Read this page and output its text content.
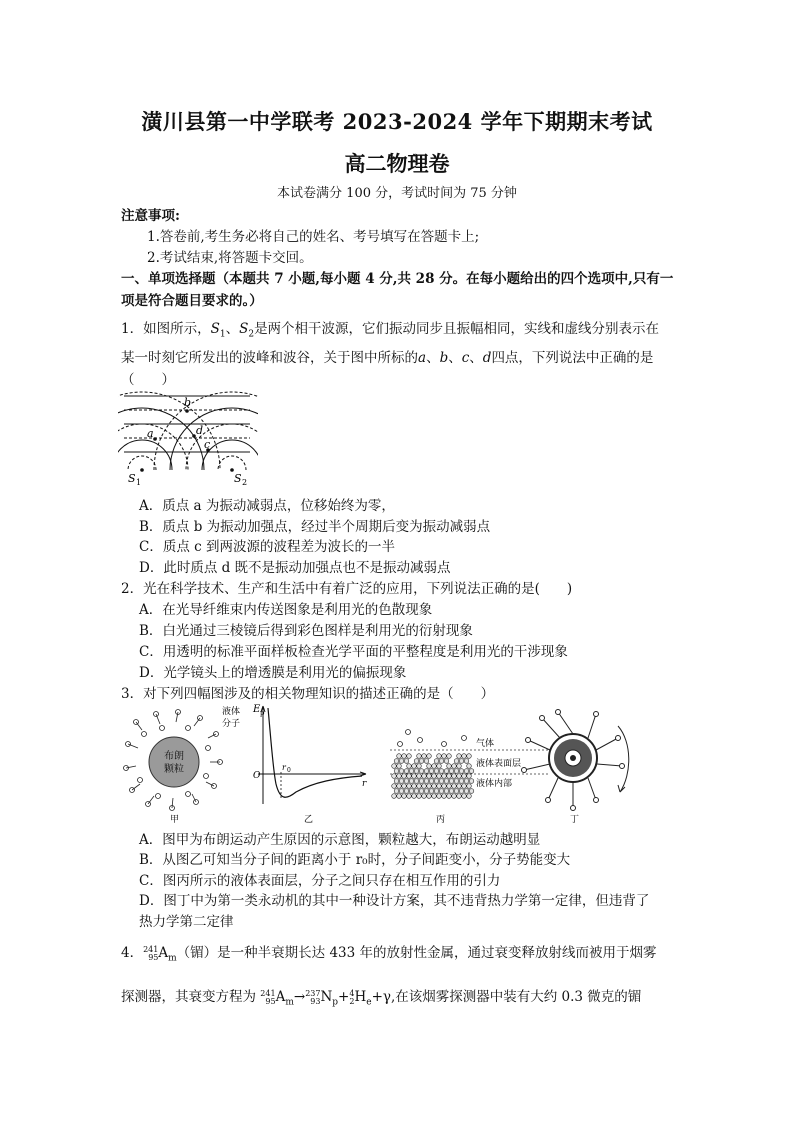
潢川县第一中学联考 2023-2024 学年下期期末考试
高二物理卷
本试卷满分 100 分，考试时间为 75 分钟
注意事项:
1.答卷前,考生务必将自己的姓名、考号填写在答题卡上;
2.考试结束,将答题卡交回。
一、单项选择题（本题共 7 小题,每小题 4 分,共 28 分。在每小题给出的四个选项中,只有一
项是符合题目要求的。）
1．如图所示，$S_1$、$S_2$是两个相干波源，它们振动同步且振幅相同，实线和虚线分别表示在
某一时刻它所发出的波峰和波谷，关于图中所标的a、b、c、d四点，下列说法中正确的是
（　　）
b
a	d
c
S 1	S 2
A．质点 a 为振动减弱点，位移始终为零，
B．质点 b 为振动加强点，经过半个周期后变为振动减弱点
C．质点 c 到两波源的波程差为波长的一半
D．此时质点 d 既不是振动加强点也不是振动减弱点
2．光在科学技术、生产和生活中有着广泛的应用，下列说法正确的是(　　)
A．在光导纤维束内传送图象是利用光的色散现象
B．白光通过三棱镜后得到彩色图样是利用光的衍射现象
C．用透明的标准平面样板检查光学平面的平整程度是利用光的干涉现象
D．光学镜头上的增透膜是利用光的偏振现象
3．对下列四幅图涉及的相关物理知识的描述正确的是（　　）
布朗
颗粒
液体
分子
甲
E p
O
r 0
r
乙
气体
液体表面层
液体内部
丙	丁
A．图甲为布朗运动产生原因的示意图，颗粒越大，布朗运动越明显
B．从图乙可知当分子间的距离小于 r₀时，分子间距变小，分子势能变大
C．图丙所示的液体表面层，分子之间只存在相互作用的引力
D．图丁中为第一类永动机的其中一种设计方案，其不违背热力学第一定律，但违背了
热力学第二定律
4．241
$95A_m$（镅）是一种半衰期长达 433 年的放射性金属，通过衰变释放射线而被用于烟雾
探测器，其衰变方程为 241
$95A_m\to 237$
$93N_p+4$
$2H_e+\gamma$,在该烟雾探测器中装有大约 0.3 微克的镅
